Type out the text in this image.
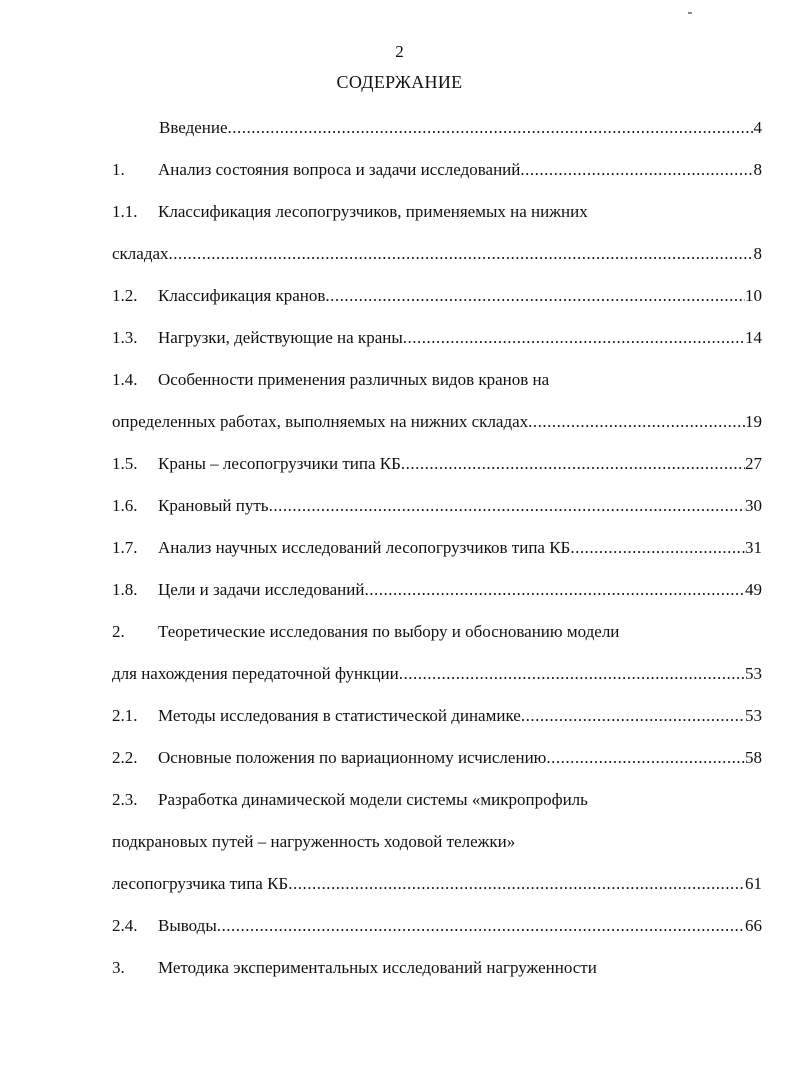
2
СОДЕРЖАНИЕ
Введение .....	4
1.	Анализ состояния вопроса и задачи исследований .....	8
1.1.	Классификация лесопогрузчиков, применяемых на нижних
складах .....	8
1.2.	Классификация кранов .....	10
1.3.	Нагрузки, действующие на краны .....	14
1.4.	Особенности применения различных видов кранов на
определенных работах, выполняемых на нижних складах .....	19
1.5.	Краны – лесопогрузчики типа КБ .....	27
1.6.	Крановый путь .....	30
1.7.	Анализ научных исследований лесопогрузчиков типа КБ .....	31
1.8.	Цели и задачи исследований .....	49
2.	Теоретические исследования по выбору и обоснованию модели
для нахождения передаточной функции .....	53
2.1.	Методы исследования в статистической динамике .....	53
2.2.	Основные положения по вариационному исчислению .....	58
2.3.	Разработка динамической модели системы «микропрофиль
подкрановых путей – нагруженность ходовой тележки»
лесопогрузчика типа КБ .....	61
2.4.	Выводы .....	66
3.	Методика экспериментальных исследований нагруженности
